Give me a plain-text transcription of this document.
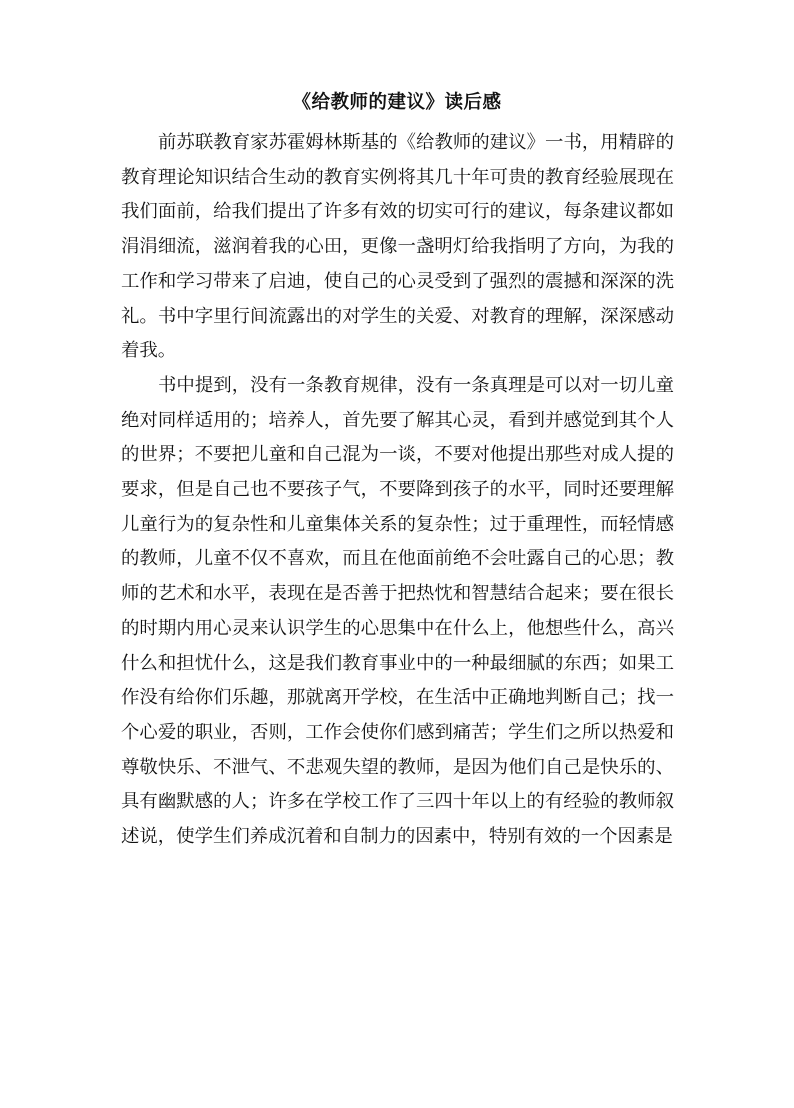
《给教师的建议》读后感

前苏联教育家苏霍姆林斯基的《给教师的建议》一书，用精辟的教育理论知识结合生动的教育实例将其几十年可贵的教育经验展现在我们面前，给我们提出了许多有效的切实可行的建议，每条建议都如涓涓细流，滋润着我的心田，更像一盏明灯给我指明了方向，为我的工作和学习带来了启迪，使自己的心灵受到了强烈的震撼和深深的洗礼。书中字里行间流露出的对学生的关爱、对教育的理解，深深感动着我。

书中提到，没有一条教育规律，没有一条真理是可以对一切儿童绝对同样适用的；培养人，首先要了解其心灵，看到并感觉到其个人的世界；不要把儿童和自己混为一谈，不要对他提出那些对成人提的要求，但是自己也不要孩子气，不要降到孩子的水平，同时还要理解儿童行为的复杂性和儿童集体关系的复杂性；过于重理性，而轻情感的教师，儿童不仅不喜欢，而且在他面前绝不会吐露自己的心思；教师的艺术和水平，表现在是否善于把热忱和智慧结合起来；要在很长的时期内用心灵来认识学生的心思集中在什么上，他想些什么，高兴什么和担忧什么，这是我们教育事业中的一种最细腻的东西；如果工作没有给你们乐趣，那就离开学校，在生活中正确地判断自己；找一个心爱的职业，否则，工作会使你们感到痛苦；学生们之所以热爱和尊敬快乐、不泄气、不悲观失望的教师，是因为他们自己是快乐的、具有幽默感的人；许多在学校工作了三四十年以上的有经验的教师叙述说，使学生们养成沉着和自制力的因素中，特别有效的一个因素是
